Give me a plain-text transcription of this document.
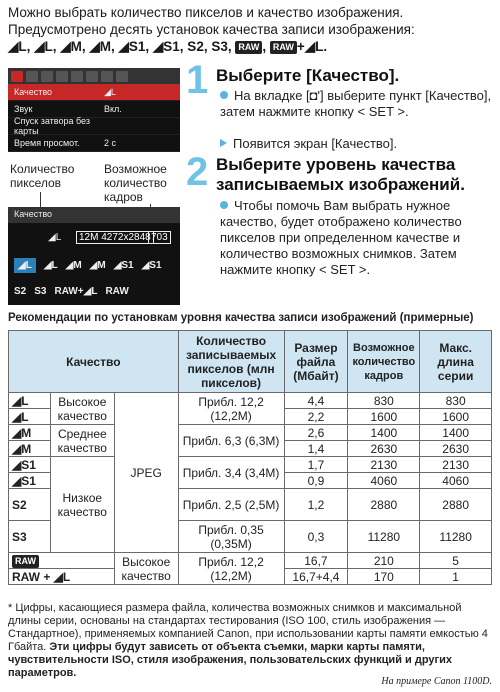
Можно выбрать количество пикселов и качество изображения.
Предусмотрено десять установок качества записи изображения:
◢L, ◢L, ◢M, ◢M, ◢S1, ◢S1, S2, S3, RAW , RAW +◢L.
Качество	◢L
Звук	Вкл.
Спуск затвора без карты
Время просмот.	2 с
1 Выберите [Качество].
На вкладке [◘'] выберите пункт [Качество], затем нажмите кнопку < SET >.
Появится экран [Качество].
Количество пикселов
Возможное количество кадров
Качество
◢L	12M 4272x2848 703
◢L	◢L ◢M ◢M ◢S1 ◢S1
S2 S3 RAW+◢L RAW
2 Выберите уровень качества записываемых изображений.
Чтобы помочь Вам выбрать нужное качество, будет отображено количество пикселов при определенном качестве и количество возможных снимков. Затем нажмите кнопку < SET >.
Рекомендации по установкам уровня качества записи изображений (примерные)
Качество			Количество записываемых пикселов (млн пикселов)	Размер файла (Мбайт)	Возможное количество кадров	Макс. длина серии
◢L	Высокое качество	JPEG	Прибл. 12,2 (12,2M)	4,4	830	830
◢L				2,2	1600	1600
◢M	Среднее качество		Прибл. 6,3 (6,3M)	2,6	1400	1400
◢M				1,4	2630	2630
◢S1	Низкое качество		Прибл. 3,4 (3,4M)	1,7	2130	2130
◢S1				0,9	4060	4060
S2			Прибл. 2,5 (2,5M)	1,2	2880	2880
S3			Прибл. 0,35 (0,35M)	0,3	11280	11280
RAW		Высокое качество	Прибл. 12,2 (12,2M)	16,7	210	5
RAW + ◢L				16,7+4,4	170	1
* Цифры, касающиеся размера файла, количества возможных снимков и максимальной длины серии, основаны на стандартах тестирования (ISO 100, стиль изображения — Стандартное), применяемых компанией Canon, при использовании карты памяти емкостью 4 Гбайта. Эти цифры будут зависеть от объекта съемки, марки карты памяти, чувствительности ISO, стиля изображения, пользовательских функций и других параметров.
На примере Canon 1100D.
